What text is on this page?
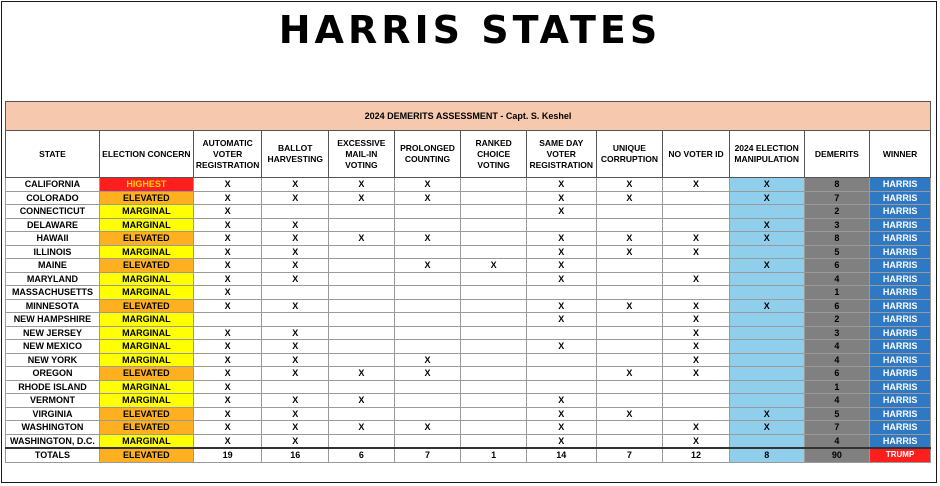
HARRIS STATES
2024 DEMERITS ASSESSMENT - Capt. S. Keshel												
STATE	ELECTION CONCERN	AUTOMATIC VOTER REGISTRATION	BALLOT HARVESTING	EXCESSIVE MAIL-IN VOTING	PROLONGED COUNTING	RANKED CHOICE VOTING	SAME DAY VOTER REGISTRATION	UNIQUE CORRUPTION	NO VOTER ID	2024 ELECTION MANIPULATION	DEMERITS	WINNER
CALIFORNIA	HIGHEST	X	X	X	X		X	X	X	X	8	HARRIS
COLORADO	ELEVATED	X	X	X	X		X	X		X	7	HARRIS
CONNECTICUT	MARGINAL	X					X				2	HARRIS
DELAWARE	MARGINAL	X	X							X	3	HARRIS
HAWAII	ELEVATED	X	X	X	X		X	X	X	X	8	HARRIS
ILLINOIS	MARGINAL	X	X				X	X	X		5	HARRIS
MAINE	ELEVATED	X	X		X	X	X			X	6	HARRIS
MARYLAND	MARGINAL	X	X				X		X		4	HARRIS
MASSACHUSETTS	MARGINAL	X									1	HARRIS
MINNESOTA	ELEVATED	X	X				X	X	X	X	6	HARRIS
NEW HAMPSHIRE	MARGINAL						X		X		2	HARRIS
NEW JERSEY	MARGINAL	X	X						X		3	HARRIS
NEW MEXICO	MARGINAL	X	X				X		X		4	HARRIS
NEW YORK	MARGINAL	X	X		X				X		4	HARRIS
OREGON	ELEVATED	X	X	X	X			X	X		6	HARRIS
RHODE ISLAND	MARGINAL	X									1	HARRIS
VERMONT	MARGINAL	X	X	X			X				4	HARRIS
VIRGINIA	ELEVATED	X	X				X	X		X	5	HARRIS
WASHINGTON	ELEVATED	X	X	X	X		X		X	X	7	HARRIS
WASHINGTON, D.C.	MARGINAL	X	X				X		X		4	HARRIS
TOTALS	ELEVATED	19	16	6	7	1	14	7	12	8	90	TRUMP
